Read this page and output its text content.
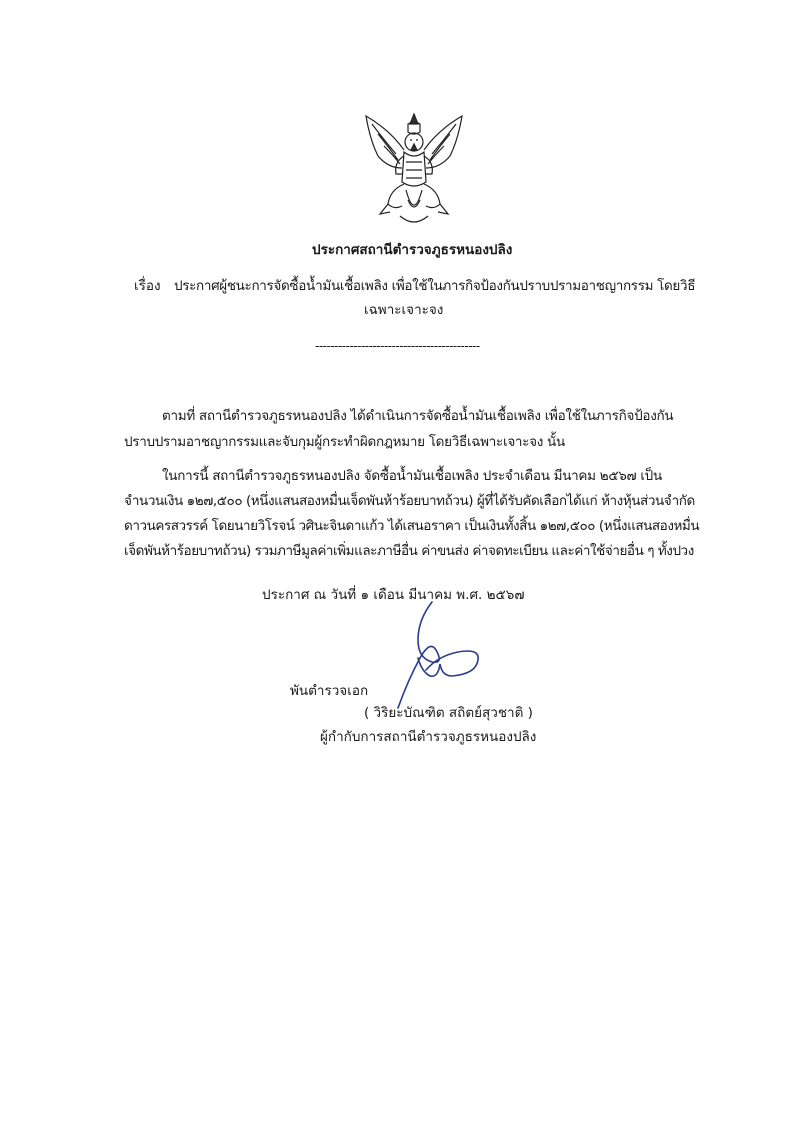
ประกาศสถานีตำรวจภูธรหนองปลิง
เรื่อง ประกาศผู้ชนะการจัดซื้อน้ำมันเชื้อเพลิง เพื่อใช้ในภารกิจป้องกันปราบปรามอาชญากรรม โดยวิธี
เฉพาะเจาะจง
-------------------------------------------
ตามที่ สถานีตำรวจภูธรหนองปลิง ได้ดำเนินการจัดซื้อน้ำมันเชื้อเพลิง เพื่อใช้ในภารกิจป้องกัน
ปราบปรามอาชญากรรมและจับกุมผู้กระทำผิดกฎหมาย โดยวิธีเฉพาะเจาะจง นั้น
ในการนี้ สถานีตำรวจภูธรหนองปลิง จัดซื้อน้ำมันเชื้อเพลิง ประจำเดือน มีนาคม ๒๕๖๗ เป็น
จำนวนเงิน ๑๒๗,๕๐๐ (หนึ่งแสนสองหมื่นเจ็ดพันห้าร้อยบาทถ้วน) ผู้ที่ได้รับคัดเลือกได้แก่ ห้างหุ้นส่วนจำกัด
ดาวนครสวรรค์ โดยนายวิโรจน์ วศินะจินดาแก้ว ได้เสนอราคา เป็นเงินทั้งสิ้น ๑๒๗,๕๐๐ (หนึ่งแสนสองหมื่น
เจ็ดพันห้าร้อยบาทถ้วน) รวมภาษีมูลค่าเพิ่มและภาษีอื่น ค่าขนส่ง ค่าจดทะเบียน และค่าใช้จ่ายอื่น ๆ ทั้งปวง
ประกาศ ณ วันที่ ๑ เดือน มีนาคม พ.ศ. ๒๕๖๗
พันตำรวจเอก
( วิริยะบัณฑิต สถิตย์สุวชาติ )
ผู้กำกับการสถานีตำรวจภูธรหนองปลิง
